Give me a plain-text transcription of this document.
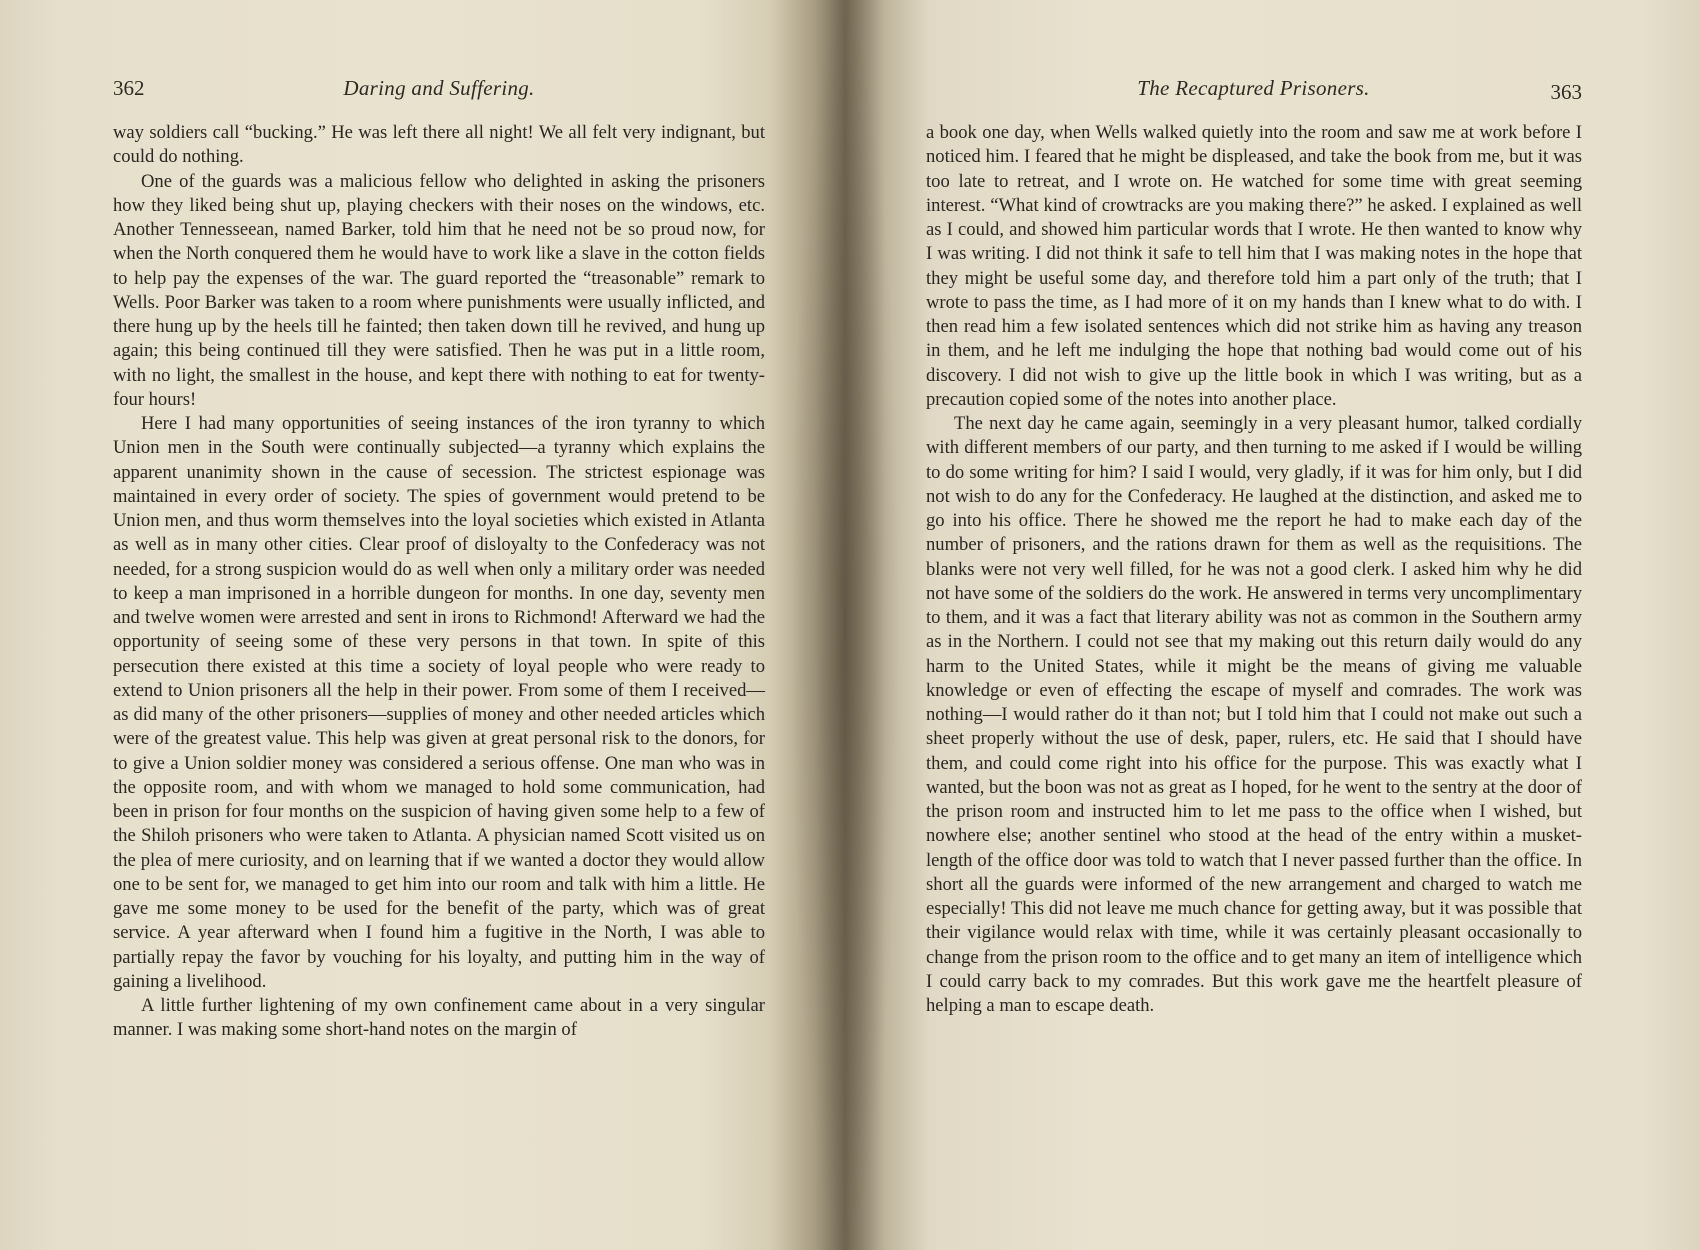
362	Daring and Suffering.

way soldiers call “bucking.” He was left there all night! We all felt very indignant, but could do nothing.

One of the guards was a malicious fellow who delighted in asking the prisoners how they liked being shut up, playing checkers with their noses on the windows, etc. Another Tennesseean, named Barker, told him that he need not be so proud now, for when the North conquered them he would have to work like a slave in the cotton fields to help pay the expenses of the war. The guard reported the “treasonable” remark to Wells. Poor Barker was taken to a room where punishments were usually inflicted, and there hung up by the heels till he fainted; then taken down till he revived, and hung up again; this being continued till they were satisfied. Then he was put in a little room, with no light, the smallest in the house, and kept there with nothing to eat for twenty-four hours!

Here I had many opportunities of seeing instances of the iron tyranny to which Union men in the South were continually subjected—a tyranny which explains the apparent unanimity shown in the cause of secession. The strictest espionage was maintained in every order of society. The spies of government would pretend to be Union men, and thus worm themselves into the loyal societies which existed in Atlanta as well as in many other cities. Clear proof of disloyalty to the Confederacy was not needed, for a strong suspicion would do as well when only a military order was needed to keep a man imprisoned in a horrible dungeon for months. In one day, seventy men and twelve women were arrested and sent in irons to Richmond! Afterward we had the opportunity of seeing some of these very persons in that town. In spite of this persecution there existed at this time a society of loyal people who were ready to extend to Union prisoners all the help in their power. From some of them I received—as did many of the other prisoners—supplies of money and other needed articles which were of the greatest value. This help was given at great personal risk to the donors, for to give a Union soldier money was considered a serious offense. One man who was in the opposite room, and with whom we managed to hold some communication, had been in prison for four months on the suspicion of having given some help to a few of the Shiloh prisoners who were taken to Atlanta. A physician named Scott visited us on the plea of mere curiosity, and on learning that if we wanted a doctor they would allow one to be sent for, we managed to get him into our room and talk with him a little. He gave me some money to be used for the benefit of the party, which was of great service. A year afterward when I found him a fugitive in the North, I was able to partially repay the favor by vouching for his loyalty, and putting him in the way of gaining a livelihood.

A little further lightening of my own confinement came about in a very singular manner. I was making some short-hand notes on the margin of

The Recaptured Prisoners.	363

a book one day, when Wells walked quietly into the room and saw me at work before I noticed him. I feared that he might be displeased, and take the book from me, but it was too late to retreat, and I wrote on. He watched for some time with great seeming interest. “What kind of crowtracks are you making there?” he asked. I explained as well as I could, and showed him particular words that I wrote. He then wanted to know why I was writing. I did not think it safe to tell him that I was making notes in the hope that they might be useful some day, and therefore told him a part only of the truth; that I wrote to pass the time, as I had more of it on my hands than I knew what to do with. I then read him a few isolated sentences which did not strike him as having any treason in them, and he left me indulging the hope that nothing bad would come out of his discovery. I did not wish to give up the little book in which I was writing, but as a precaution copied some of the notes into another place.

The next day he came again, seemingly in a very pleasant humor, talked cordially with different members of our party, and then turning to me asked if I would be willing to do some writing for him? I said I would, very gladly, if it was for him only, but I did not wish to do any for the Confederacy. He laughed at the distinction, and asked me to go into his office. There he showed me the report he had to make each day of the number of prisoners, and the rations drawn for them as well as the requisitions. The blanks were not very well filled, for he was not a good clerk. I asked him why he did not have some of the soldiers do the work. He answered in terms very uncomplimentary to them, and it was a fact that literary ability was not as common in the Southern army as in the Northern. I could not see that my making out this return daily would do any harm to the United States, while it might be the means of giving me valuable knowledge or even of effecting the escape of myself and comrades. The work was nothing—I would rather do it than not; but I told him that I could not make out such a sheet properly without the use of desk, paper, rulers, etc. He said that I should have them, and could come right into his office for the purpose. This was exactly what I wanted, but the boon was not as great as I hoped, for he went to the sentry at the door of the prison room and instructed him to let me pass to the office when I wished, but nowhere else; another sentinel who stood at the head of the entry within a musket-length of the office door was told to watch that I never passed further than the office. In short all the guards were informed of the new arrangement and charged to watch me especially! This did not leave me much chance for getting away, but it was possible that their vigilance would relax with time, while it was certainly pleasant occasionally to change from the prison room to the office and to get many an item of intelligence which I could carry back to my comrades. But this work gave me the heartfelt pleasure of helping a man to escape death.
